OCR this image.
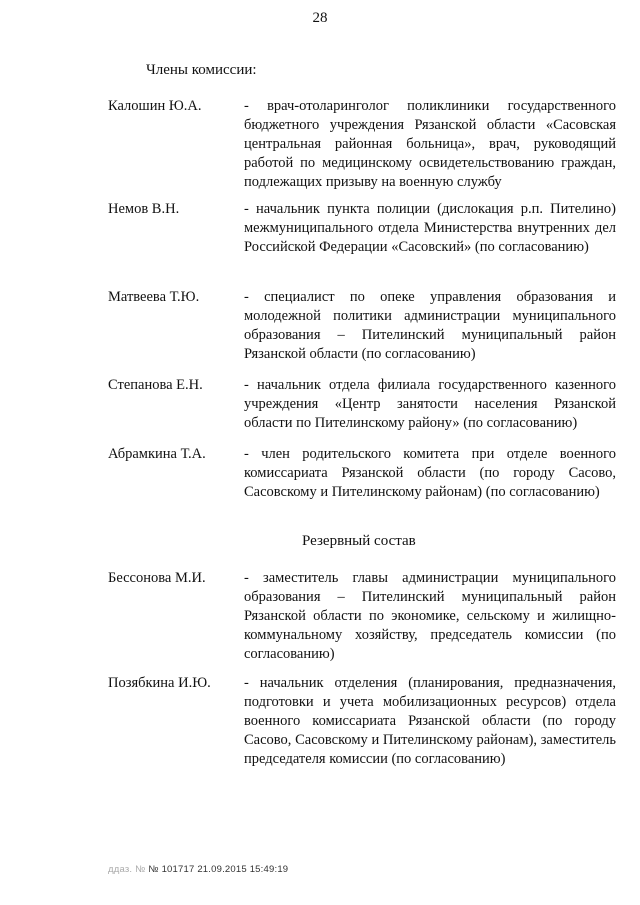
28
Члены комиссии:
Калошин Ю.А.	- врач-отоларинголог поликлиники государственного бюджетного учреждения Рязанской области «Сасовская центральная районная больница», врач, руководящий работой по медицинскому освидетельствованию граждан, подлежащих призыву на военную службу
Немов В.Н.	- начальник пункта полиции (дислокация р.п. Пителино) межмуниципального отдела Министерства внутренних дел Российской Федерации «Сасовский» (по согласованию)
Матвеева Т.Ю.	- специалист по опеке управления образования и молодежной политики администрации муниципального образования – Пителинский муниципальный район Рязанской области (по согласованию)
Степанова Е.Н.	- начальник отдела филиала государственного казенного учреждения «Центр занятости населения Рязанской области по Пителинскому району» (по согласованию)
Абрамкина Т.А.	- член родительского комитета при отделе военного комиссариата Рязанской области (по городу Сасово, Сасовскому и Пителинскому районам) (по согласованию)
Резервный состав
Бессонова М.И.	- заместитель главы администрации муниципального образования – Пителинский муниципальный район Рязанской области по экономике, сельскому и жилищно-коммунальному хозяйству, председатель комиссии (по согласованию)
Позябкина И.Ю. - начальник отделения (планирования, предназначения, подготовки и учета мобилизационных ресурсов) отдела военного комиссариата Рязанской области (по городу Сасово, Сасовскому и Пителинскому районам), заместитель председателя комиссии (по согласованию)
ддаз. № № 101717 21.09.2015 15:49:19
